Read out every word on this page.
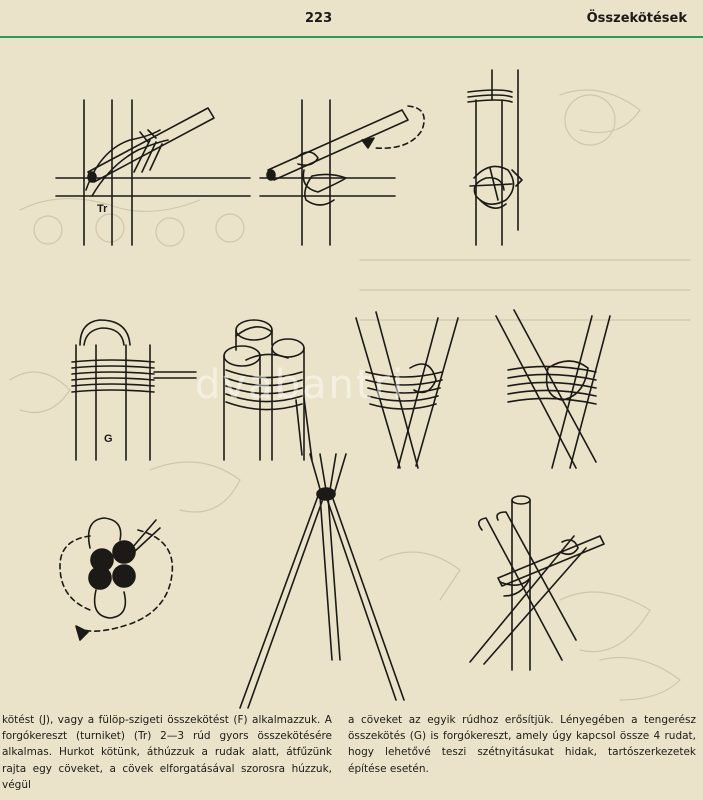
223	Összekötések
Tr
G
dvabantri

kötést (J), vagy a fülöp-szigeti összekötést (F) alkalmazzuk. A forgókereszt (turniket) (Tr) 2—3 rúd gyors összekötésére alkalmas. Hurkot kötünk, áthúzzuk a rudak alatt, átfűzünk rajta egy cöveket, a cövek elforgatásával szorosra húzzuk, végül

a cöveket az egyik rúdhoz erősítjük. Lényegében a tengerész összekötés (G) is forgókereszt, amely úgy kapcsol össze 4 rudat, hogy lehetővé teszi szétnyitásukat hidak, tartószerkezetek építése esetén.
